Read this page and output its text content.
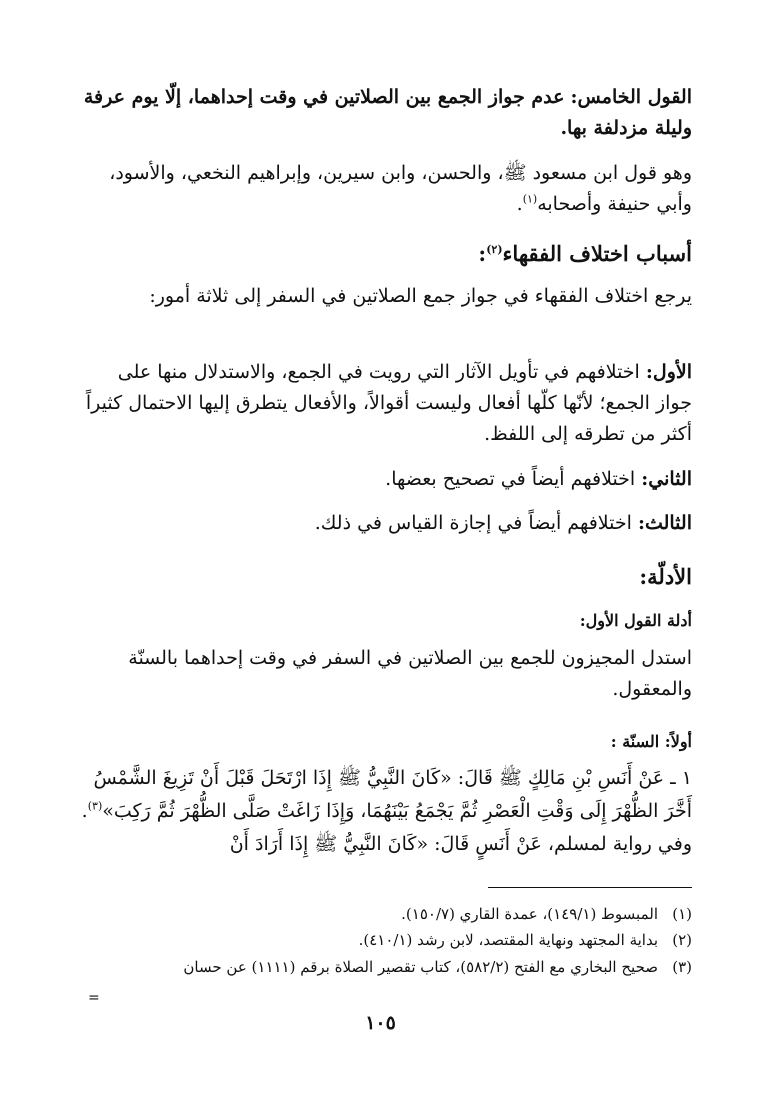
القول الخامس: عدم جواز الجمع بين الصلاتين في وقت إحداهما، إلّا يوم عرفة وليلة مزدلفة بها.
وهو قول ابن مسعود ﷺ، والحسن، وابن سيرين، وإبراهيم النخعي، والأسود، وأبي حنيفة وأصحابه$^{(١)}$.
أسباب اختلاف الفقهاء$^{(٢)}$:
يرجع اختلاف الفقهاء في جواز جمع الصلاتين في السفر إلى ثلاثة أمور:
الأول: اختلافهم في تأويل الآثار التي رويت في الجمع، والاستدلال منها على جواز الجمع؛ لأنّها كلّها أفعال وليست أقوالاً، والأفعال يتطرق إليها الاحتمال كثيراً أكثر من تطرقه إلى اللفظ.
الثاني: اختلافهم أيضاً في تصحيح بعضها.
الثالث: اختلافهم أيضاً في إجازة القياس في ذلك.
الأدلّة:
أدلة القول الأول:
استدل المجيزون للجمع بين الصلاتين في السفر في وقت إحداهما بالسنّة والمعقول.
أولاً: السنّة :
١ ـ عَنْ أَنَسِ بْنِ مَالِكٍ ﷺ قَالَ: «كَانَ النَّبِيُّ ﷺ إِذَا ارْتَحَلَ قَبْلَ أَنْ تَزِيغَ الشَّمْسُ أَخَّرَ الظُّهْرَ إِلَى وَقْتِ الْعَصْرِ ثُمَّ يَجْمَعُ بَيْنَهُمَا، وَإِذَا زَاغَتْ صَلَّى الظُّهْرَ ثُمَّ رَكِبَ»$^{(٣)}$. وفي رواية لمسلم، عَنْ أَنَسٍ قَالَ: «كَانَ النَّبِيُّ ﷺ إِذَا أَرَادَ أَنْ
(١)المبسوط (١٤٩/١)، عمدة القاري (١٥٠/٧).
(٢)بداية المجتهد ونهاية المقتصد، لابن رشد (٤١٠/١).
(٣)صحيح البخاري مع الفتح (٥٨٢/٢)، كتاب تقصير الصلاة برقم (١١١١) عن حسان
=
١٠٥
